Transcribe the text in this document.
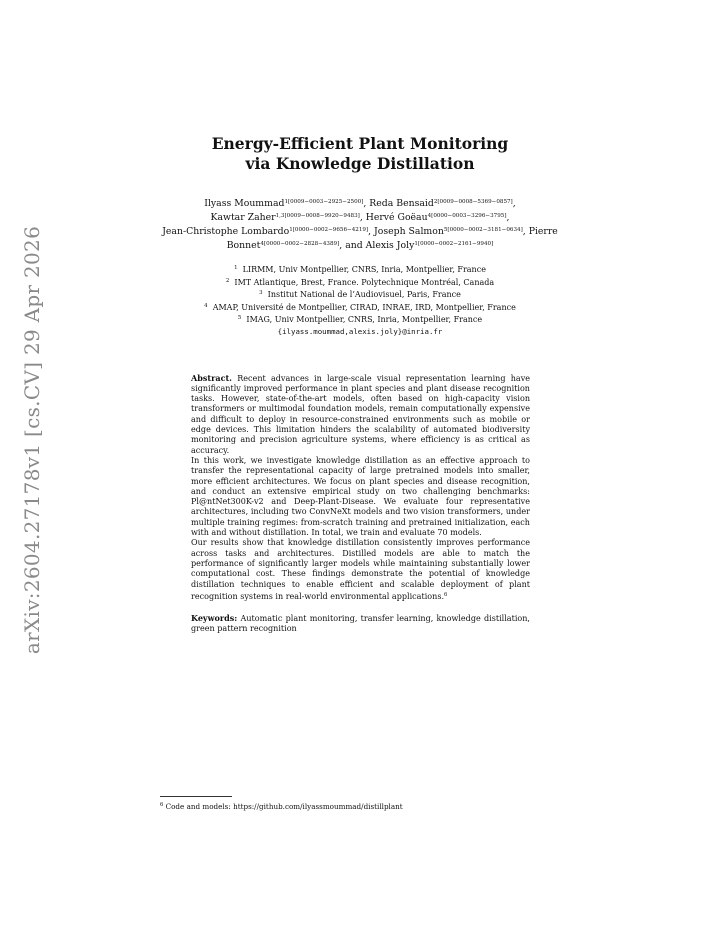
arXiv:2604.27178v1 [cs.CV] 29 Apr 2026
Energy-Efficient Plant Monitoring
via Knowledge Distillation
Ilyass Moummad$^{1[0009-0003-2925-2500]}$, Reda Bensaid$^{2[0009-0008-5369-0857]}$,
Kawtar Zaher$^{1,3[0009-0008-9920-9483]}$, Hervé Goëau$^{4[0000-0003-3296-3795]}$,
Jean-Christophe Lombardo$^{1[0000-0002-9656-4219]}$, Joseph Salmon$^{5[0000-0002-3181-0634]}$, Pierre Bonnet$^{4[0000-0002-2828-4389]}$, and Alexis Joly$^{1[0000-0002-2161-9940]}$
$^1$ LIRMM, Univ Montpellier, CNRS, Inria, Montpellier, France
$^2$ IMT Atlantique, Brest, France. Polytechnique Montréal, Canada
$^3$ Institut National de l’Audiovisuel, Paris, France
$^4$ AMAP, Université de Montpellier, CIRAD, INRAE, IRD, Montpellier, France
$^5$ IMAG, Univ Montpellier, CNRS, Inria, Montpellier, France
{ilyass.moummad,alexis.joly}@inria.fr

Abstract. Recent advances in large-scale visual representation learning have significantly improved performance in plant species and plant disease recognition tasks. However, state-of-the-art models, often based on high-capacity vision transformers or multimodal foundation models, remain computationally expensive and difficult to deploy in resource-constrained environments such as mobile or edge devices. This limitation hinders the scalability of automated biodiversity monitoring and precision agriculture systems, where efficiency is as critical as accuracy.

In this work, we investigate knowledge distillation as an effective approach to transfer the representational capacity of large pretrained models into smaller, more efficient architectures. We focus on plant species and disease recognition, and conduct an extensive empirical study on two challenging benchmarks: Pl@ntNet300K-v2 and Deep-Plant-Disease. We evaluate four representative architectures, including two ConvNeXt models and two vision transformers, under multiple training regimes: from-scratch training and pretrained initialization, each with and without distillation. In total, we train and evaluate 70 models.

Our results show that knowledge distillation consistently improves performance across tasks and architectures. Distilled models are able to match the performance of significantly larger models while maintaining substantially lower computational cost. These findings demonstrate the potential of knowledge distillation techniques to enable efficient and scalable deployment of plant recognition systems in real-world environmental applications.$^6$

Keywords: Automatic plant monitoring, transfer learning, knowledge distillation, green pattern recognition
$^6$ Code and models: https://github.com/ilyassmoummad/distillplant
